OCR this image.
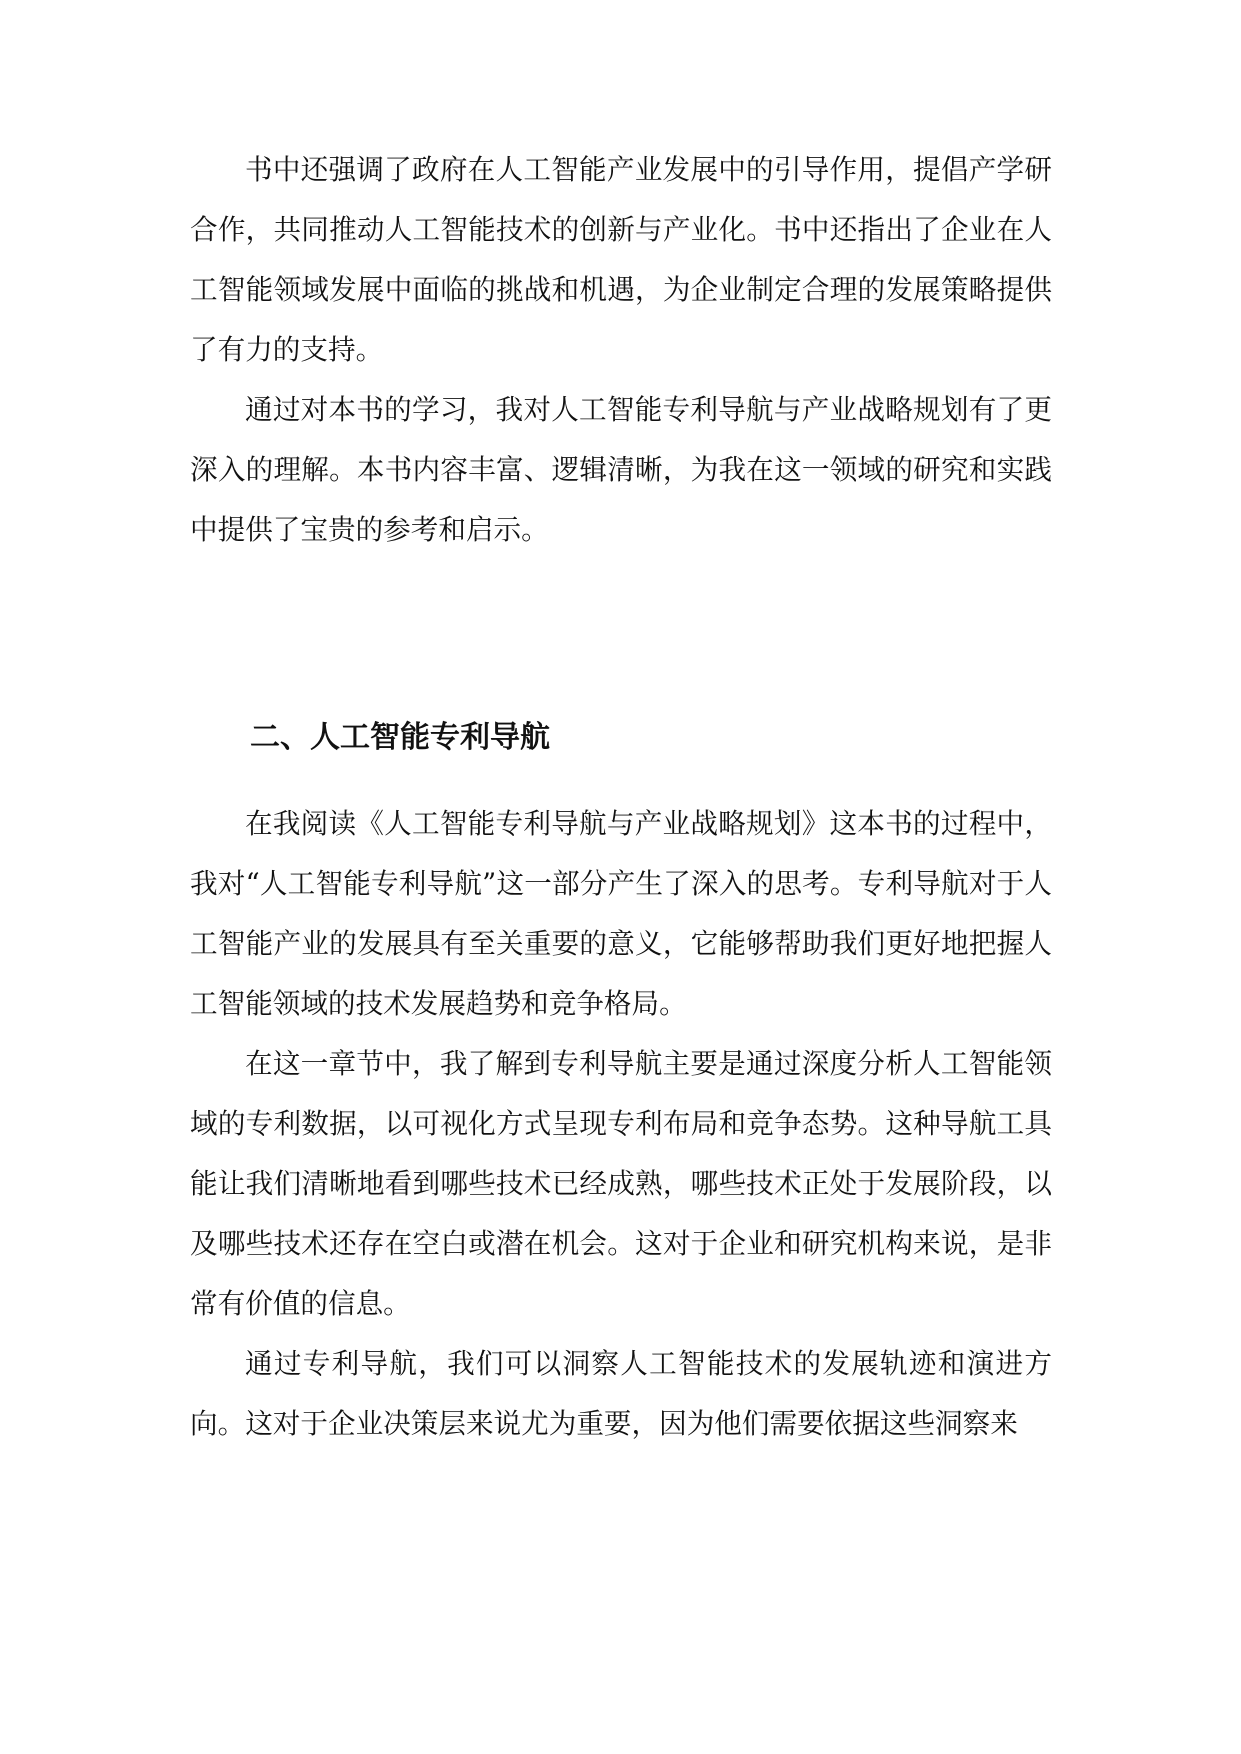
书中还强调了政府在人工智能产业发展中的引导作用，提倡产学研合作，共同推动人工智能技术的创新与产业化。书中还指出了企业在人工智能领域发展中面临的挑战和机遇，为企业制定合理的发展策略提供了有力的支持。

通过对本书的学习，我对人工智能专利导航与产业战略规划有了更深入的理解。本书内容丰富、逻辑清晰，为我在这一领域的研究和实践中提供了宝贵的参考和启示。

二、人工智能专利导航

在我阅读《人工智能专利导航与产业战略规划》这本书的过程中，我对“人工智能专利导航”这一部分产生了深入的思考。专利导航对于人工智能产业的发展具有至关重要的意义，它能够帮助我们更好地把握人工智能领域的技术发展趋势和竞争格局。

在这一章节中，我了解到专利导航主要是通过深度分析人工智能领域的专利数据，以可视化方式呈现专利布局和竞争态势。这种导航工具能让我们清晰地看到哪些技术已经成熟，哪些技术正处于发展阶段，以及哪些技术还存在空白或潜在机会。这对于企业和研究机构来说，是非常有价值的信息。

通过专利导航，我们可以洞察人工智能技术的发展轨迹和演进方向。这对于企业决策层来说尤为重要，因为他们需要依据这些洞察来
